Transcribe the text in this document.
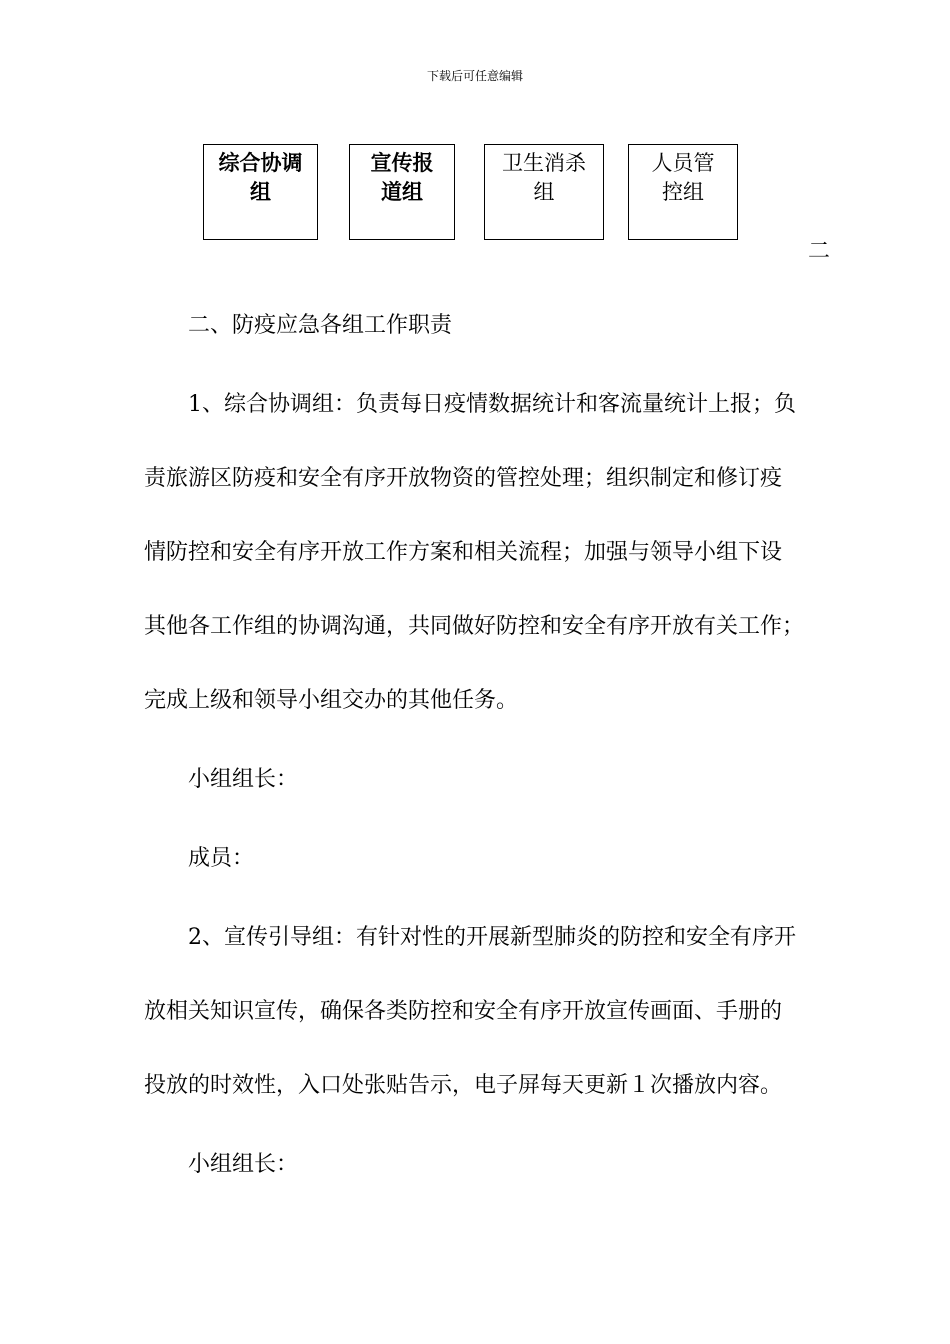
下载后可任意编辑
综合协调
组
宣传报
道组
卫生消杀
组
人员管
控组
二
二、防疫应急各组工作职责
1、综合协调组：负责每日疫情数据统计和客流量统计上报；负
责旅游区防疫和安全有序开放物资的管控处理；组织制定和修订疫
情防控和安全有序开放工作方案和相关流程；加强与领导小组下设
其他各工作组的协调沟通，共同做好防控和安全有序开放有关工作；
完成上级和领导小组交办的其他任务。
小组组长：
成员：
2、宣传引导组：有针对性的开展新型肺炎的防控和安全有序开
放相关知识宣传，确保各类防控和安全有序开放宣传画面、手册的
投放的时效性，入口处张贴告示，电子屏每天更新１次播放内容。
小组组长：
